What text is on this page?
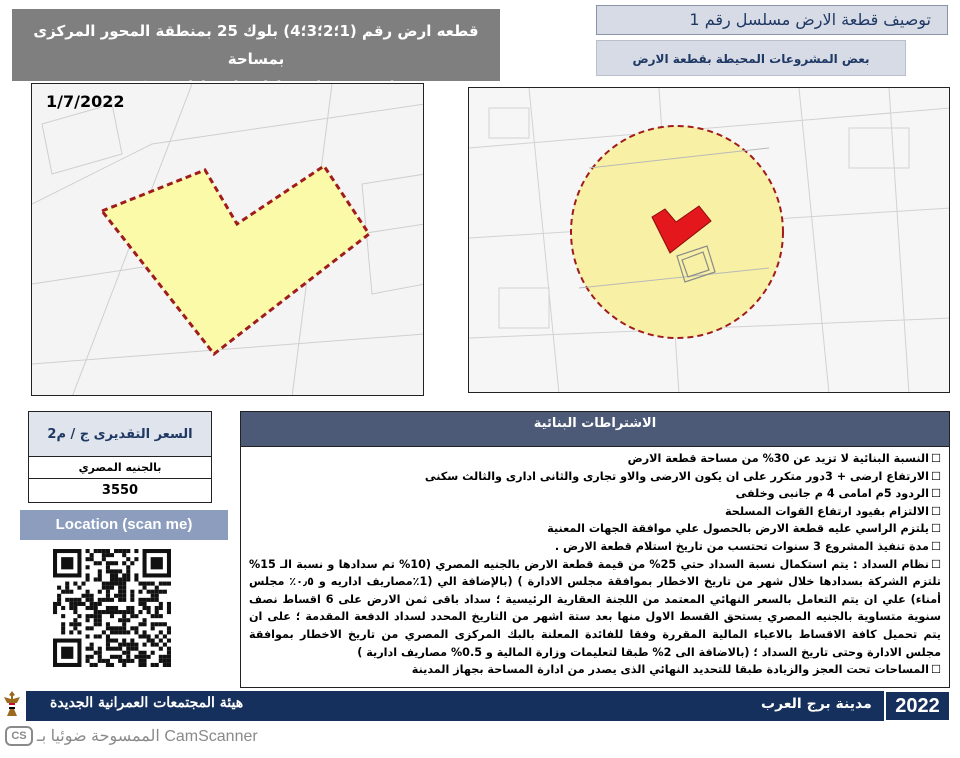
قطعه ارض رقم (1؛2؛3؛4) بلوك 25 بمنطقة المحور المركزى بمساحة
توصيف قطعة الارض مسلسل رقم 1
بعض المشروعات المحيطة بقطعة الارض
1/7/2022
السعر التقديرى ج / م2
بالجنيه المصري
3550
Location (scan me)
الاشتراطات البنائية
☐ النسبة البنائية لا تزيد عن 30% من مساحة قطعة الارض
☐ الارتفاع ارضى + 3دور متكرر على ان يكون الارضى والاو تجارى والثانى ادارى والثالث سكنى
☐ الردود 5م امامى 4 م جانبى وخلفى
☐ الالتزام بقيود ارتفاع القوات المسلحة
☐ يلتزم الراسي عليه قطعة الارض بالحصول علي موافقة الجهات المعنية
☐ مدة تنفيذ المشروع 3 سنوات تحتسب من تاريخ استلام قطعة الارض .
☐ نظام السداد : يتم استكمال نسبة السداد حتي 25% من قيمة قطعة الارض بالجنيه المصري (10% تم سدادها و نسبة الـ 15% تلتزم الشركة بسدادها خلال شهر من تاريخ الاخطار بموافقة مجلس الادارة ) (بالإضافة الي (1٪مصاريف اداريه و ٠٫٥٪ مجلس أمناء) علي ان يتم التعامل بالسعر النهائي المعتمد من اللجنة العقارية الرئيسية ؛ سداد باقى ثمن الارض على 6 اقساط نصف سنوية متساوية بالجنيه المصري يستحق القسط الاول منها بعد ستة اشهر من التاريخ المحدد لسداد الدفعة المقدمة ؛ على ان يتم تحميل كافة الاقساط بالاعباء المالية المقررة وفقا للفائدة المعلنة بالبك المركزى المصري من تاريخ الاخطار بموافقة مجلس الادارة وحتى تاريخ السداد ؛ (بالاضافة الى 2% طبقا لتعليمات وزارة المالية و 0.5% مصاريف ادارية )
☐ المساحات تحت العجز والزيادة طبقا للتحديد النهائي الذى يصدر من ادارة المساحة بجهاز المدينة
هيئة المجتمعات العمرانية الجديدة	مدينة برج العرب	2022
CS CamScanner الممسوحة ضوئيا بـ
